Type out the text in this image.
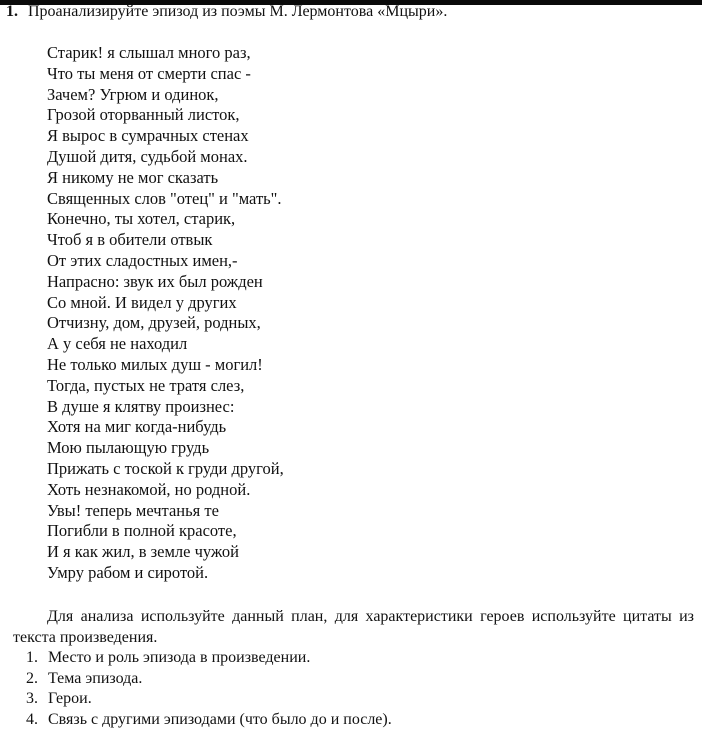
1. Проанализируйте эпизод из поэмы М. Лермонтова «Мцыри».
Старик! я слышал много раз,
Что ты меня от смерти спас -
Зачем? Угрюм и одинок,
Грозой оторванный листок,
Я вырос в сумрачных стенах
Душой дитя, судьбой монах.
Я никому не мог сказать
Священных слов "отец" и "мать".
Конечно, ты хотел, старик,
Чтоб я в обители отвык
От этих сладостных имен,-
Напрасно: звук их был рожден
Со мной. И видел у других
Отчизну, дом, друзей, родных,
А у себя не находил
Не только милых душ - могил!
Тогда, пустых не тратя слез,
В душе я клятву произнес:
Хотя на миг когда-нибудь
Мою пылающую грудь
Прижать с тоской к груди другой,
Хоть незнакомой, но родной.
Увы! теперь мечтанья те
Погибли в полной красоте,
И я как жил, в земле чужой
Умру рабом и сиротой.

Для анализа используйте данный план, для характеристики героев используйте цитаты из текста произведения.

1. Место и роль эпизода в произведении.
2. Тема эпизода.
3. Герои.
4. Связь с другими эпизодами (что было до и после).
